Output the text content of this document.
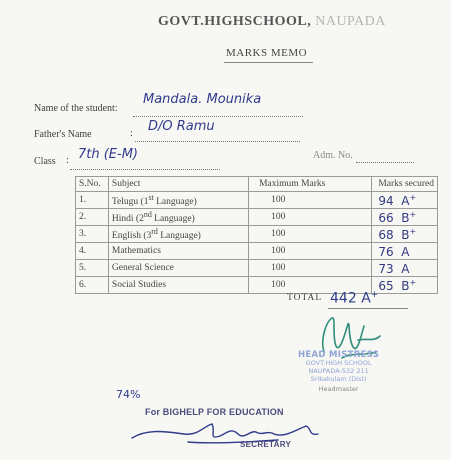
GOVT.HIGHSCHOOL, NAUPADA
MARKS MEMO
Name of the student:
Mandala. Mounika
Father's Name	: D/O Ramu
Class : 7th (E-M)	Adm. No.
S.No.	Subject	Maximum Marks	Marks secured
1.	Telugu (1st Language)	100	94 A+
2.	Hindi (2nd Language)	100	66 B+
3.	English (3rd Language)	100	68 B+
4.	Mathematics	100	76 A
5.	General Science	100	73 A
6.	Social Studies	100	65 B+
TOTAL 442 A+
HEAD MISTRESS
GOVT.HIGH SCHOOL
NAUPADA-532 211
Srikakulam (Dist)
Headmaster
74%
For BIGHELP FOR EDUCATION
SECRETARY
